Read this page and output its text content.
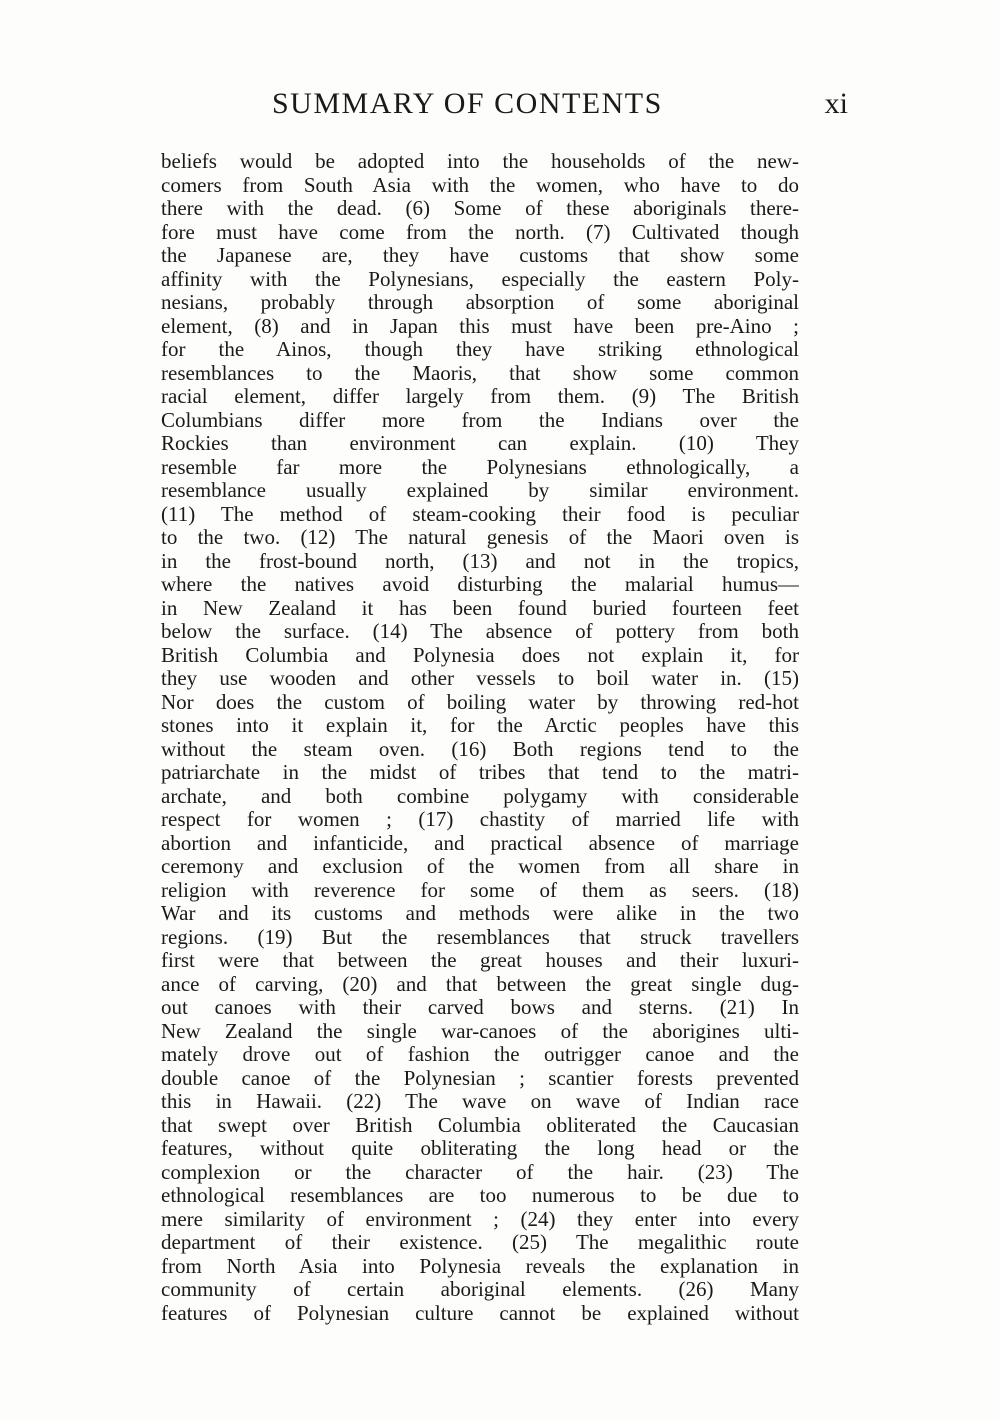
SUMMARY OF CONTENTS	xi
beliefs would be adopted into the households of the new-
comers from South Asia with the women, who have to do
there with the dead. (6) Some of these aboriginals there-
fore must have come from the north. (7) Cultivated though
the Japanese are, they have customs that show some
affinity with the Polynesians, especially the eastern Poly-
nesians, probably through absorption of some aboriginal
element, (8) and in Japan this must have been pre-Aino ;
for the Ainos, though they have striking ethnological
resemblances to the Maoris, that show some common
racial element, differ largely from them. (9) The British
Columbians differ more from the Indians over the
Rockies than environment can explain. (10) They
resemble far more the Polynesians ethnologically, a
resemblance usually explained by similar environment.
(11) The method of steam-cooking their food is peculiar
to the two. (12) The natural genesis of the Maori oven is
in the frost-bound north, (13) and not in the tropics,
where the natives avoid disturbing the malarial humus—
in New Zealand it has been found buried fourteen feet
below the surface. (14) The absence of pottery from both
British Columbia and Polynesia does not explain it, for
they use wooden and other vessels to boil water in. (15)
Nor does the custom of boiling water by throwing red-hot
stones into it explain it, for the Arctic peoples have this
without the steam oven. (16) Both regions tend to the
patriarchate in the midst of tribes that tend to the matri-
archate, and both combine polygamy with considerable
respect for women ; (17) chastity of married life with
abortion and infanticide, and practical absence of marriage
ceremony and exclusion of the women from all share in
religion with reverence for some of them as seers. (18)
War and its customs and methods were alike in the two
regions. (19) But the resemblances that struck travellers
first were that between the great houses and their luxuri-
ance of carving, (20) and that between the great single dug-
out canoes with their carved bows and sterns. (21) In
New Zealand the single war-canoes of the aborigines ulti-
mately drove out of fashion the outrigger canoe and the
double canoe of the Polynesian ; scantier forests prevented
this in Hawaii. (22) The wave on wave of Indian race
that swept over British Columbia obliterated the Caucasian
features, without quite obliterating the long head or the
complexion or the character of the hair. (23) The
ethnological resemblances are too numerous to be due to
mere similarity of environment ; (24) they enter into every
department of their existence. (25) The megalithic route
from North Asia into Polynesia reveals the explanation in
community of certain aboriginal elements. (26) Many
features of Polynesian culture cannot be explained without
